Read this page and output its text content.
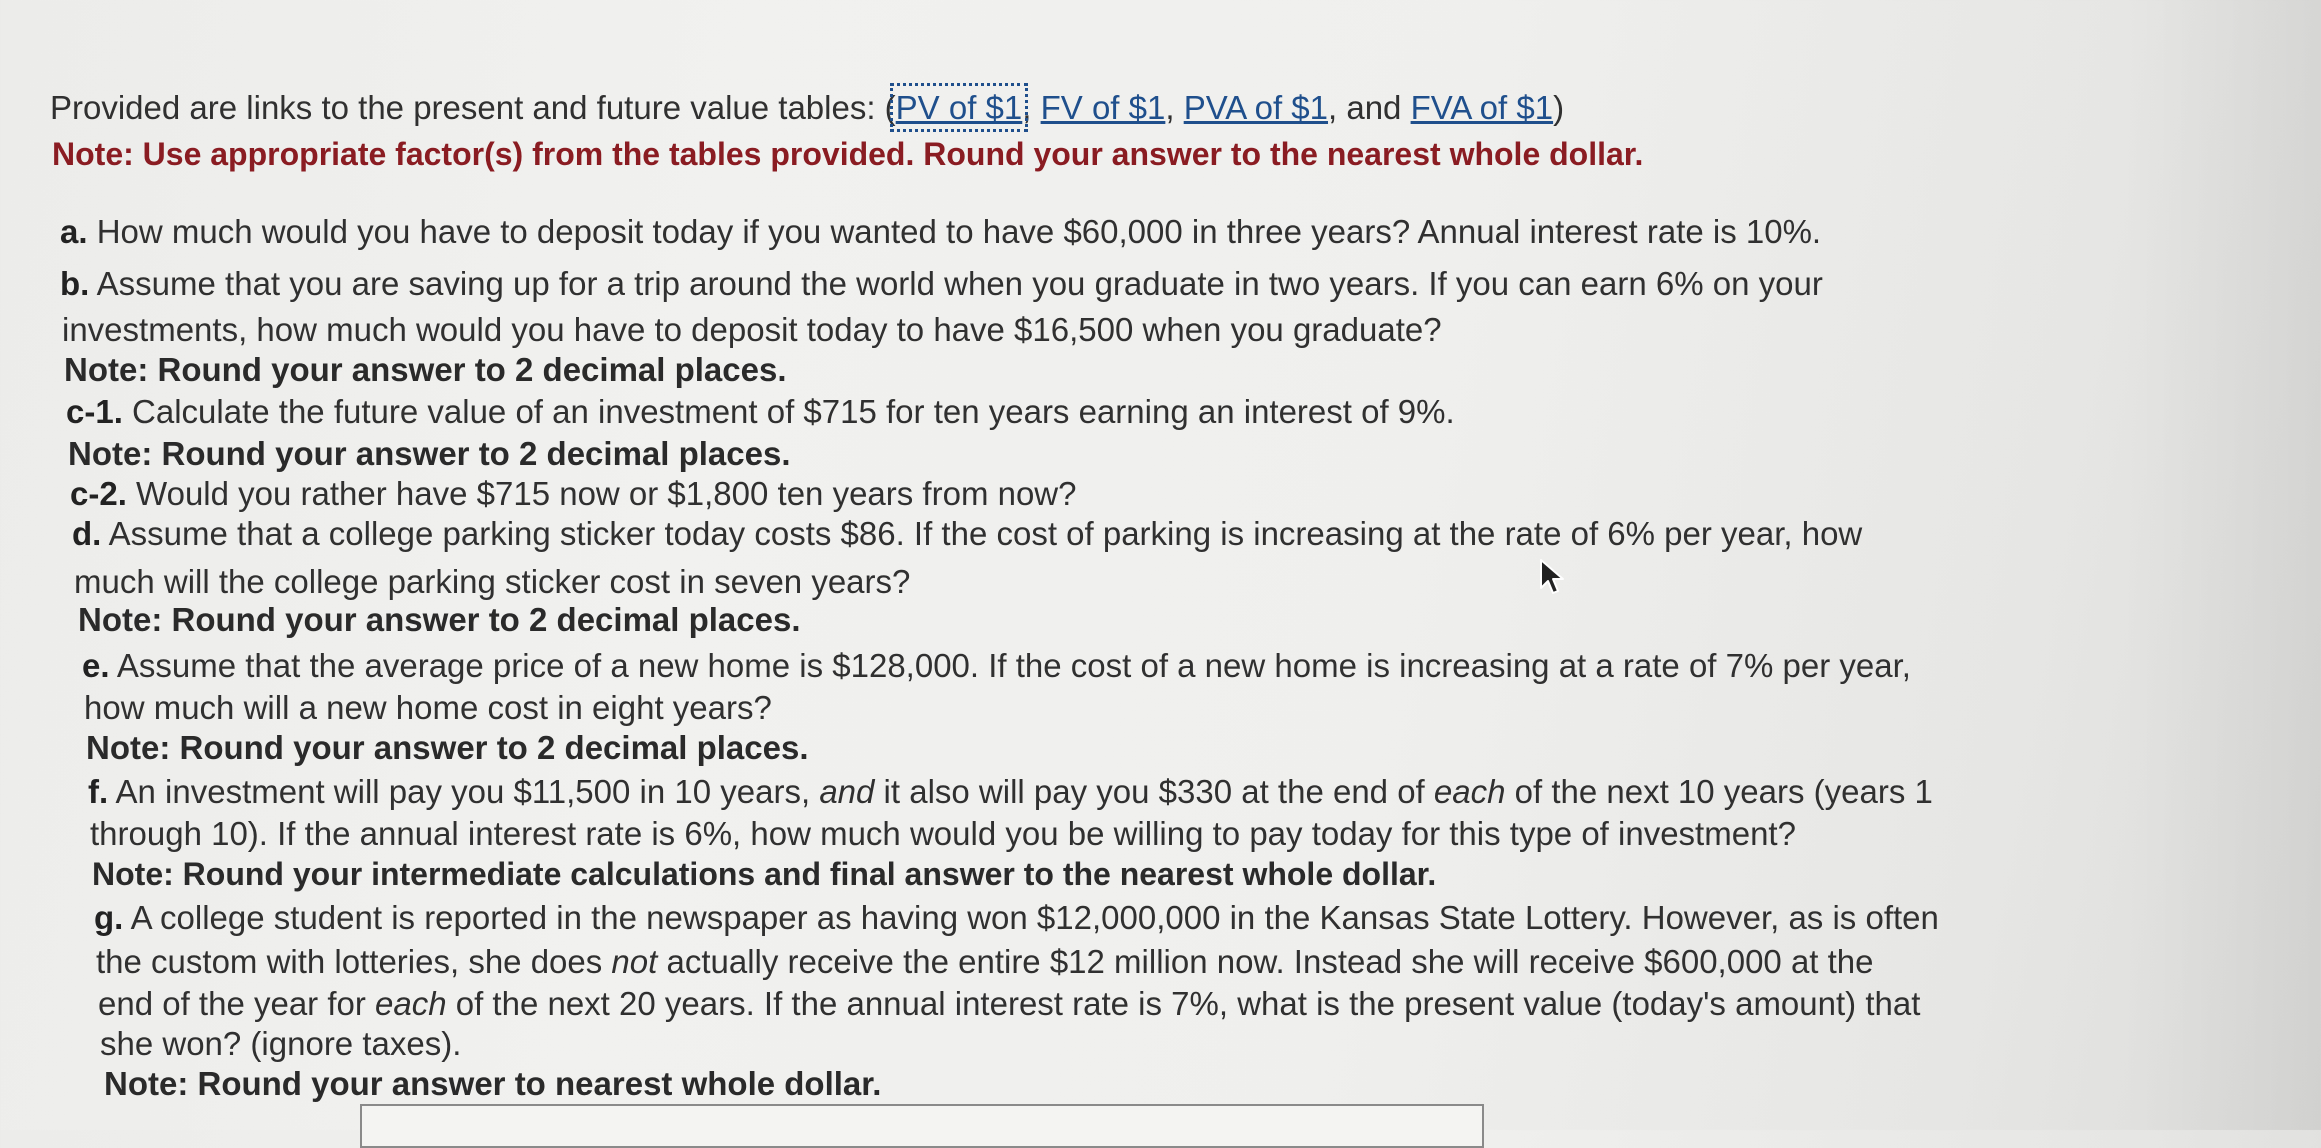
Provided are links to the present and future value tables: (PV of $1, FV of $1, PVA of $1, and FVA of $1)
Note: Use appropriate factor(s) from the tables provided. Round your answer to the nearest whole dollar.
a. How much would you have to deposit today if you wanted to have $60,000 in three years? Annual interest rate is 10%.
b. Assume that you are saving up for a trip around the world when you graduate in two years. If you can earn 6% on your
investments, how much would you have to deposit today to have $16,500 when you graduate?
Note: Round your answer to 2 decimal places.
c-1. Calculate the future value of an investment of $715 for ten years earning an interest of 9%.
Note: Round your answer to 2 decimal places.
c-2. Would you rather have $715 now or $1,800 ten years from now?
d. Assume that a college parking sticker today costs $86. If the cost of parking is increasing at the rate of 6% per year, how
much will the college parking sticker cost in seven years?
Note: Round your answer to 2 decimal places.
e. Assume that the average price of a new home is $128,000. If the cost of a new home is increasing at a rate of 7% per year,
how much will a new home cost in eight years?
Note: Round your answer to 2 decimal places.
f. An investment will pay you $11,500 in 10 years, and it also will pay you $330 at the end of each of the next 10 years (years 1
through 10). If the annual interest rate is 6%, how much would you be willing to pay today for this type of investment?
Note: Round your intermediate calculations and final answer to the nearest whole dollar.
g. A college student is reported in the newspaper as having won $12,000,000 in the Kansas State Lottery. However, as is often
the custom with lotteries, she does not actually receive the entire $12 million now. Instead she will receive $600,000 at the
end of the year for each of the next 20 years. If the annual interest rate is 7%, what is the present value (today's amount) that
she won? (ignore taxes).
Note: Round your answer to nearest whole dollar.
